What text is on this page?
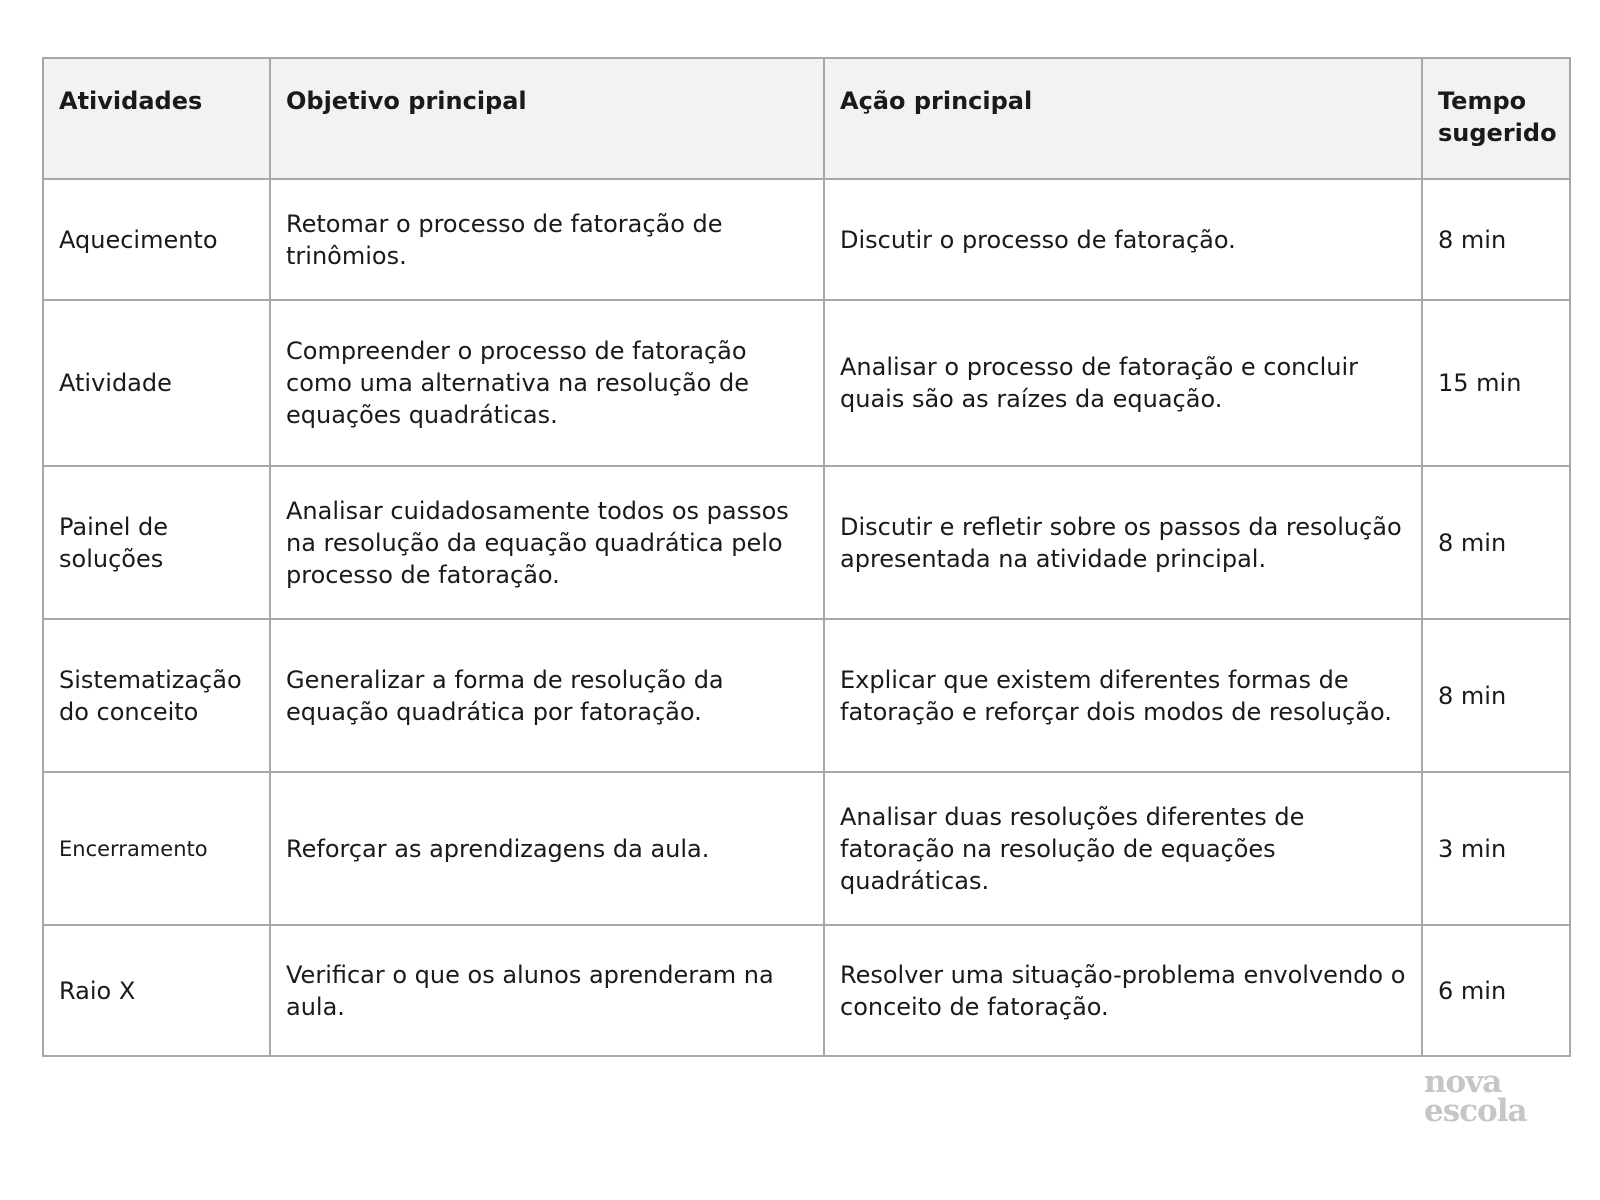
Atividades	Objetivo principal	Ação principal	Tempo sugerido
Aquecimento	Retomar o processo de fatoração de trinômios.	Discutir o processo de fatoração.	8 min
Atividade	Compreender o processo de fatoração como uma alternativa na resolução de equações quadráticas.	Analisar o processo de fatoração e concluir quais são as raízes da equação.	15 min
Painel de soluções	Analisar cuidadosamente todos os passos na resolução da equação quadrática pelo processo de fatoração.	Discutir e refletir sobre os passos da resolução apresentada na atividade principal.	8 min
Sistematização do conceito	Generalizar a forma de resolução da equação quadrática por fatoração.	Explicar que existem diferentes formas de fatoração e reforçar dois modos de resolução.	8 min
Encerramento	Reforçar as aprendizagens da aula.	Analisar duas resoluções diferentes de fatoração na resolução de equações quadráticas.	3 min
Raio X	Verificar o que os alunos aprenderam na aula.	Resolver uma situação-problema envolvendo o conceito de fatoração.	6 min
nova
escola
